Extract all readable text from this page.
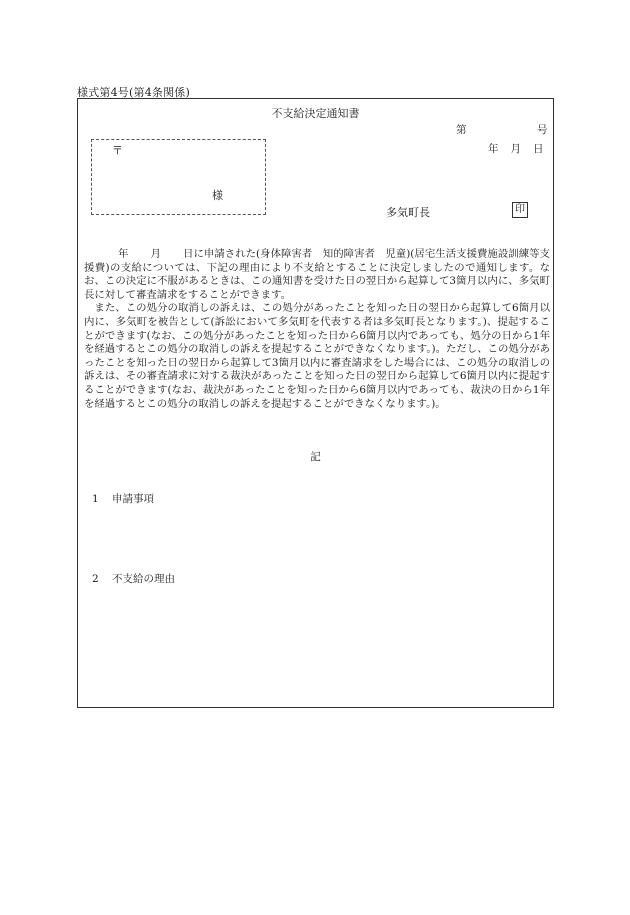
様式第4号(第4条関係)
不支給決定通知書
第	号
年 月 日
〒
様
多気町長	印

年 月 日に申請された(身体障害者　知的障害者　児童)(居宅生活支援費施設訓練等支援費)の支給については、下記の理由により不支給とすることに決定しましたので通知します。なお、この決定に不服があるときは、この通知書を受けた日の翌日から起算して3箇月以内に、多気町長に対して審査請求をすることができます。

また、この処分の取消しの訴えは、この処分があったことを知った日の翌日から起算して6箇月以内に、多気町を被告として(訴訟において多気町を代表する者は多気町長となります。)、提起することができます(なお、この処分があったことを知った日から6箇月以内であっても、処分の日から1年を経過するとこの処分の取消しの訴えを提起することができなくなります。)。ただし、この処分があったことを知った日の翌日から起算して3箇月以内に審査請求をした場合には、この処分の取消しの訴えは、その審査請求に対する裁決があったことを知った日の翌日から起算して6箇月以内に提起することができます(なお、裁決があったことを知った日から6箇月以内であっても、裁決の日から1年を経過するとこの処分の取消しの訴えを提起することができなくなります。)。

記
1 申請事項
2 不支給の理由
